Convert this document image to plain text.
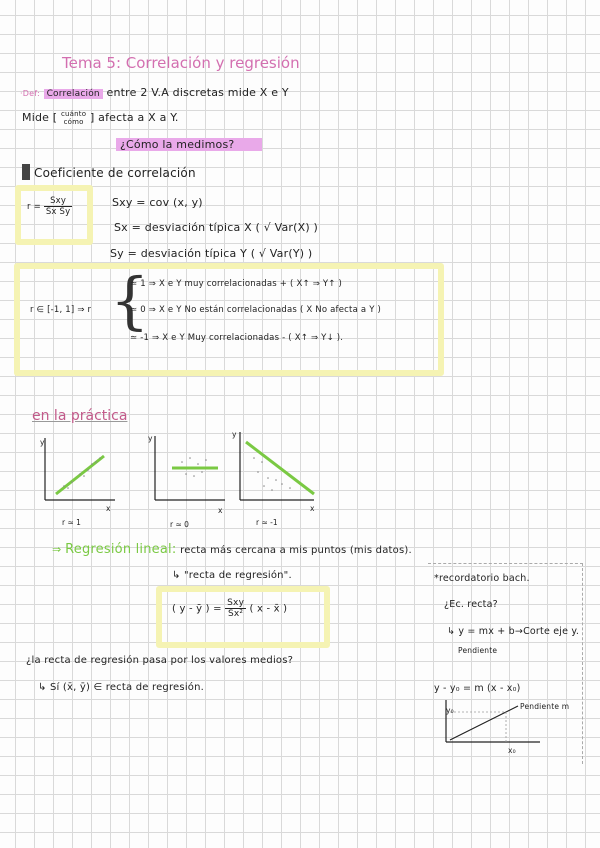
Tema 5: Correlación y regresión
·Def: Correlación entre 2 V.A discretas mide X e Y
Mide [ cuánto
cómo ] afecta a X a Y.
¿Cómo la medimos?
Coeficiente de correlación
$r = \frac{\text{Sxy}}{\text{Sx Sy}}$	Sxy = cov (x, y)
Sx = desviación típica X ( √ Var(X) )
Sy = desviación típica Y ( √ Var(Y) )
r ∈ [-1, 1] ⇒ r {
≃ 1 ⇒ X e Y muy correlacionadas + ( X↑ ⇒ Y↑ )
≃ 0 ⇒ X e Y No están correlacionadas ( X No afecta a Y )
≃ -1 ⇒ X e Y Muy correlacionadas - ( X↑ ⇒ Y↓ ).
en la práctica
y
x
r ≃ 1
y
x
r ≃ 0
y
x
r ≃ -1
⇒ Regresión lineal: recta más cercana a mis puntos (mis datos).
↳ "recta de regresión".
( y - ȳ ) = $\frac{\text{Sxy}}{\text{Sx²}}$ ( x - x̄ )
¿la recta de regresión pasa por los valores medios?
↳ Sí (x̄, ȳ) ∈ recta de regresión.
*recordatorio bach.
¿Ec. recta?
↳ y = mx + b→Corte eje y.
Pendiente
y - y₀ = m (x - x₀)
Pendiente m
y₀
x₀
